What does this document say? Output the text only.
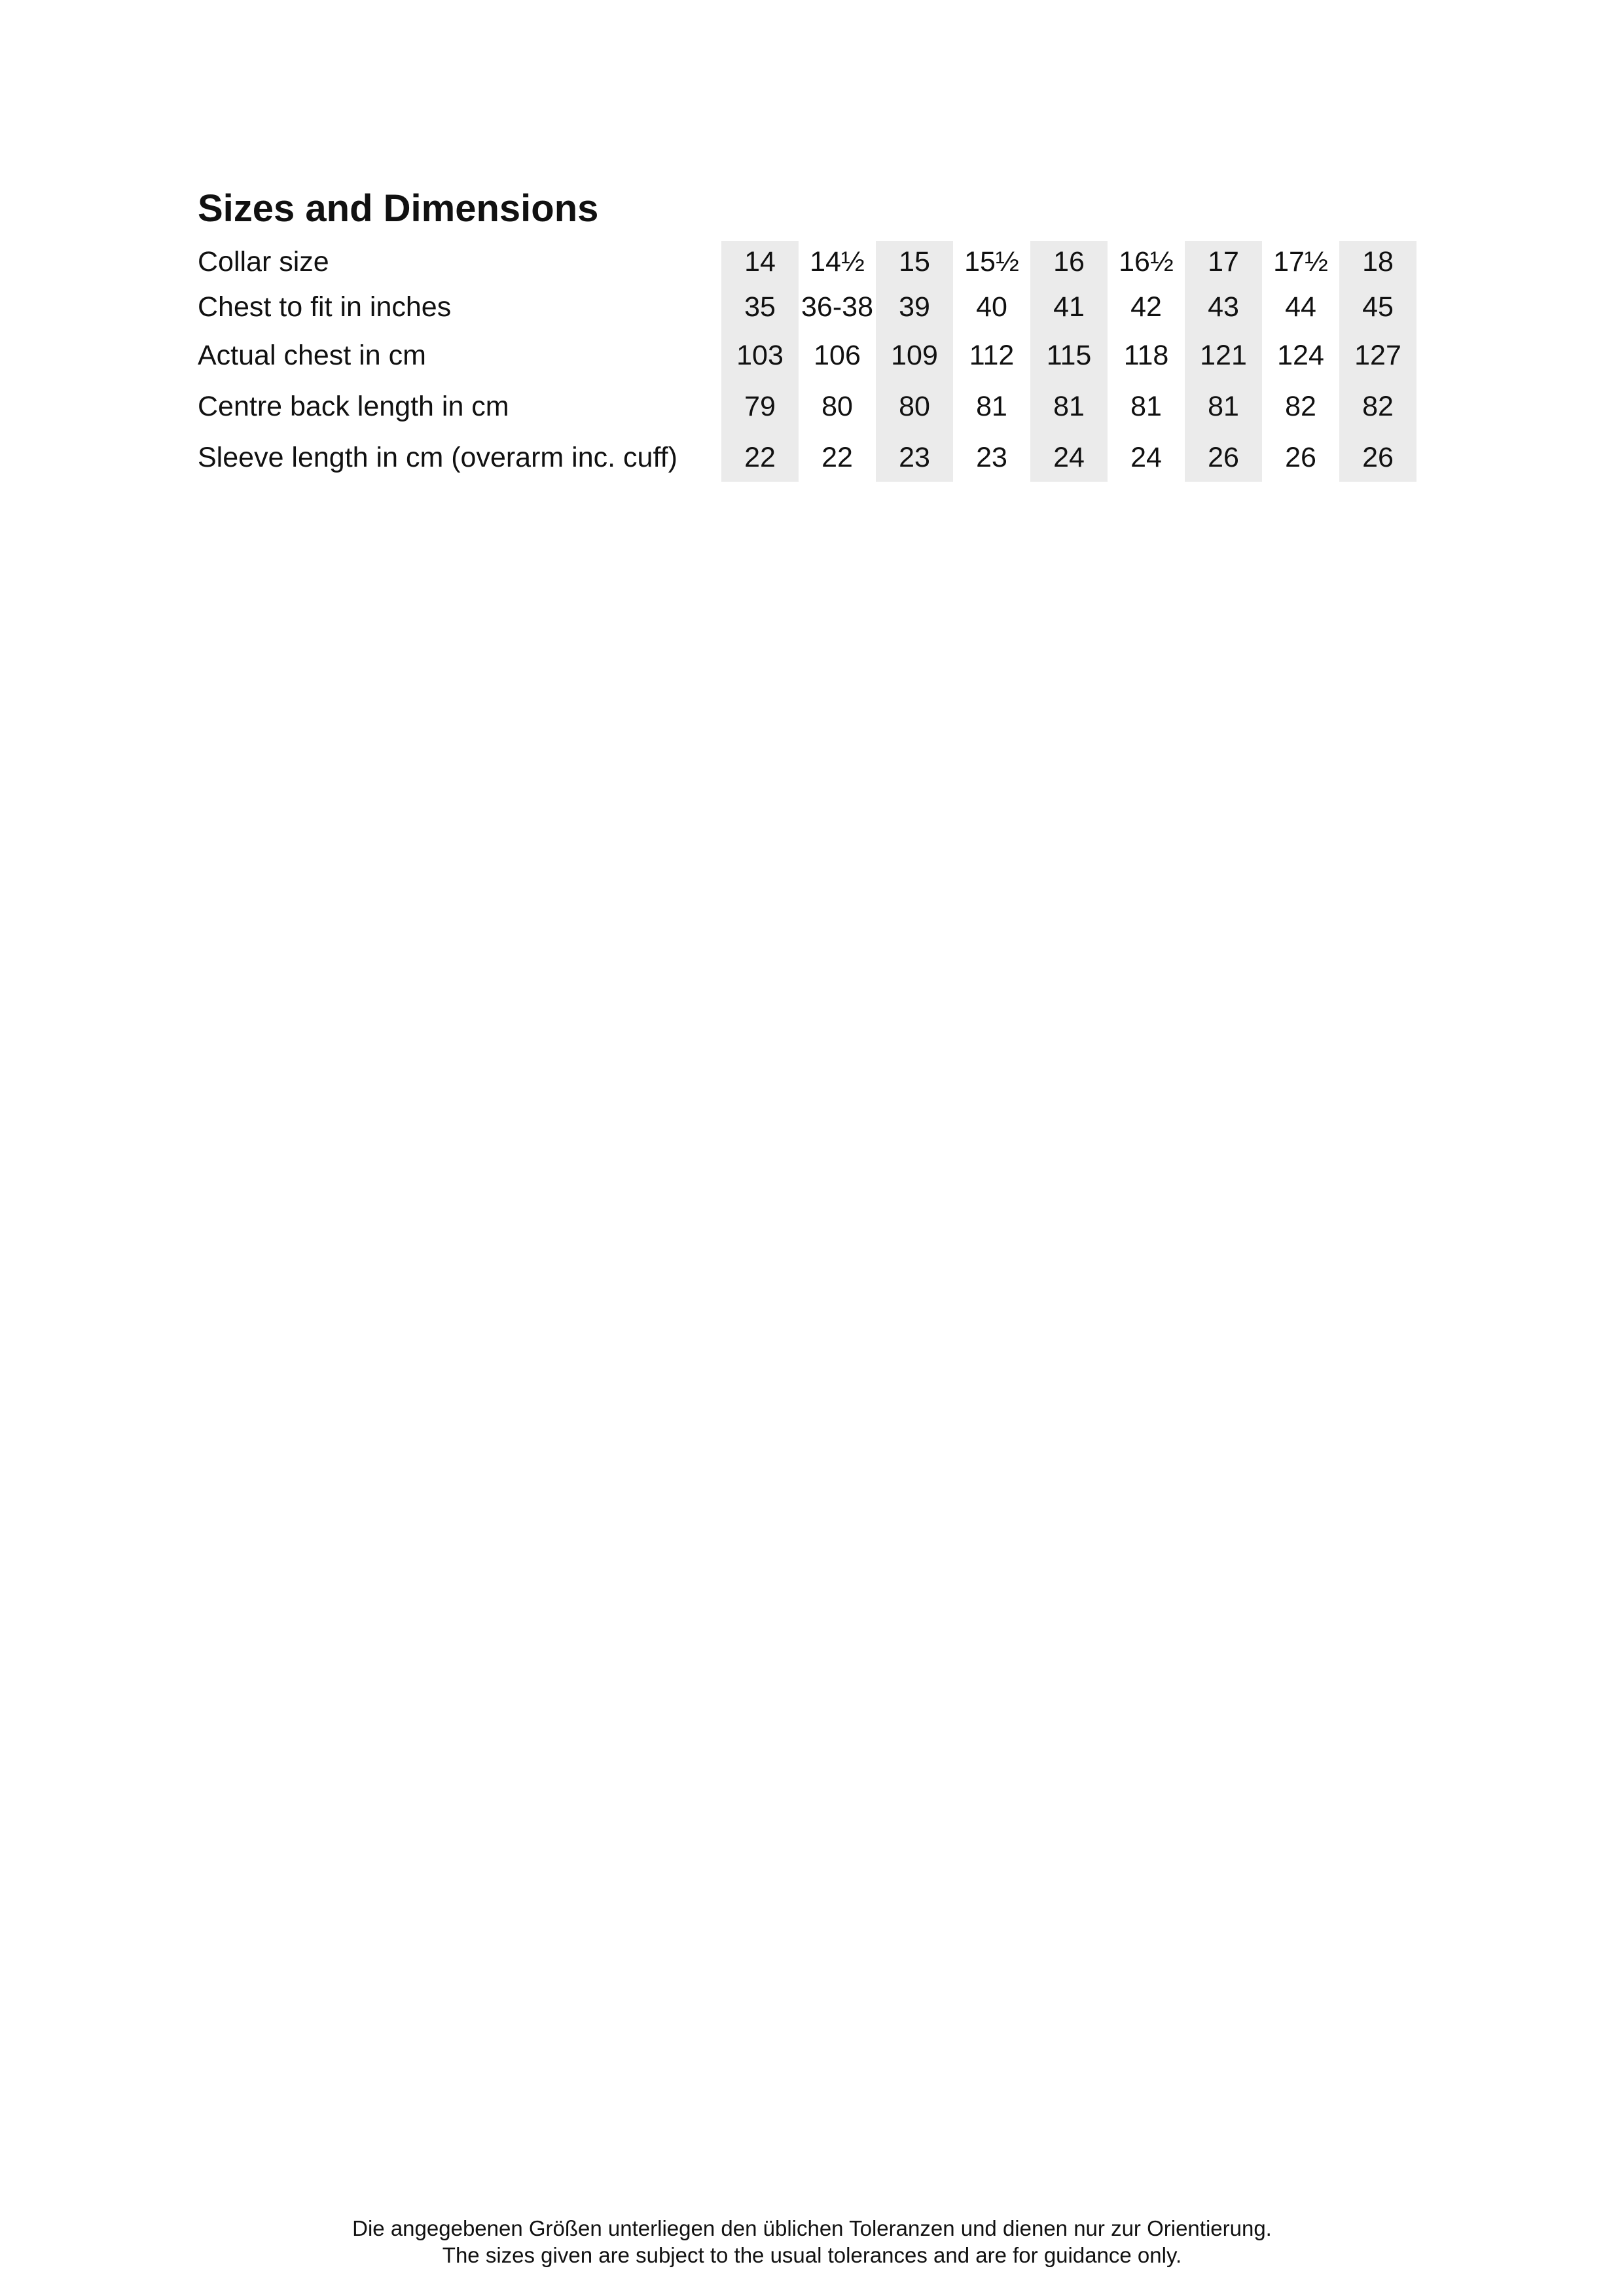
Sizes and Dimensions
Collar size	14	14½	15	15½	16	16½	17	17½	18
Chest to fit in inches	35	36-38	39	40	41	42	43	44	45
Actual chest in cm	103	106	109	112	115	118	121	124	127
Centre back length in cm	79	80	80	81	81	81	81	82	82
Sleeve length in cm (overarm inc. cuff)	22	22	23	23	24	24	26	26	26

Die angegebenen Größen unterliegen den üblichen Toleranzen und dienen nur zur Orientierung.

The sizes given are subject to the usual tolerances and are for guidance only.
